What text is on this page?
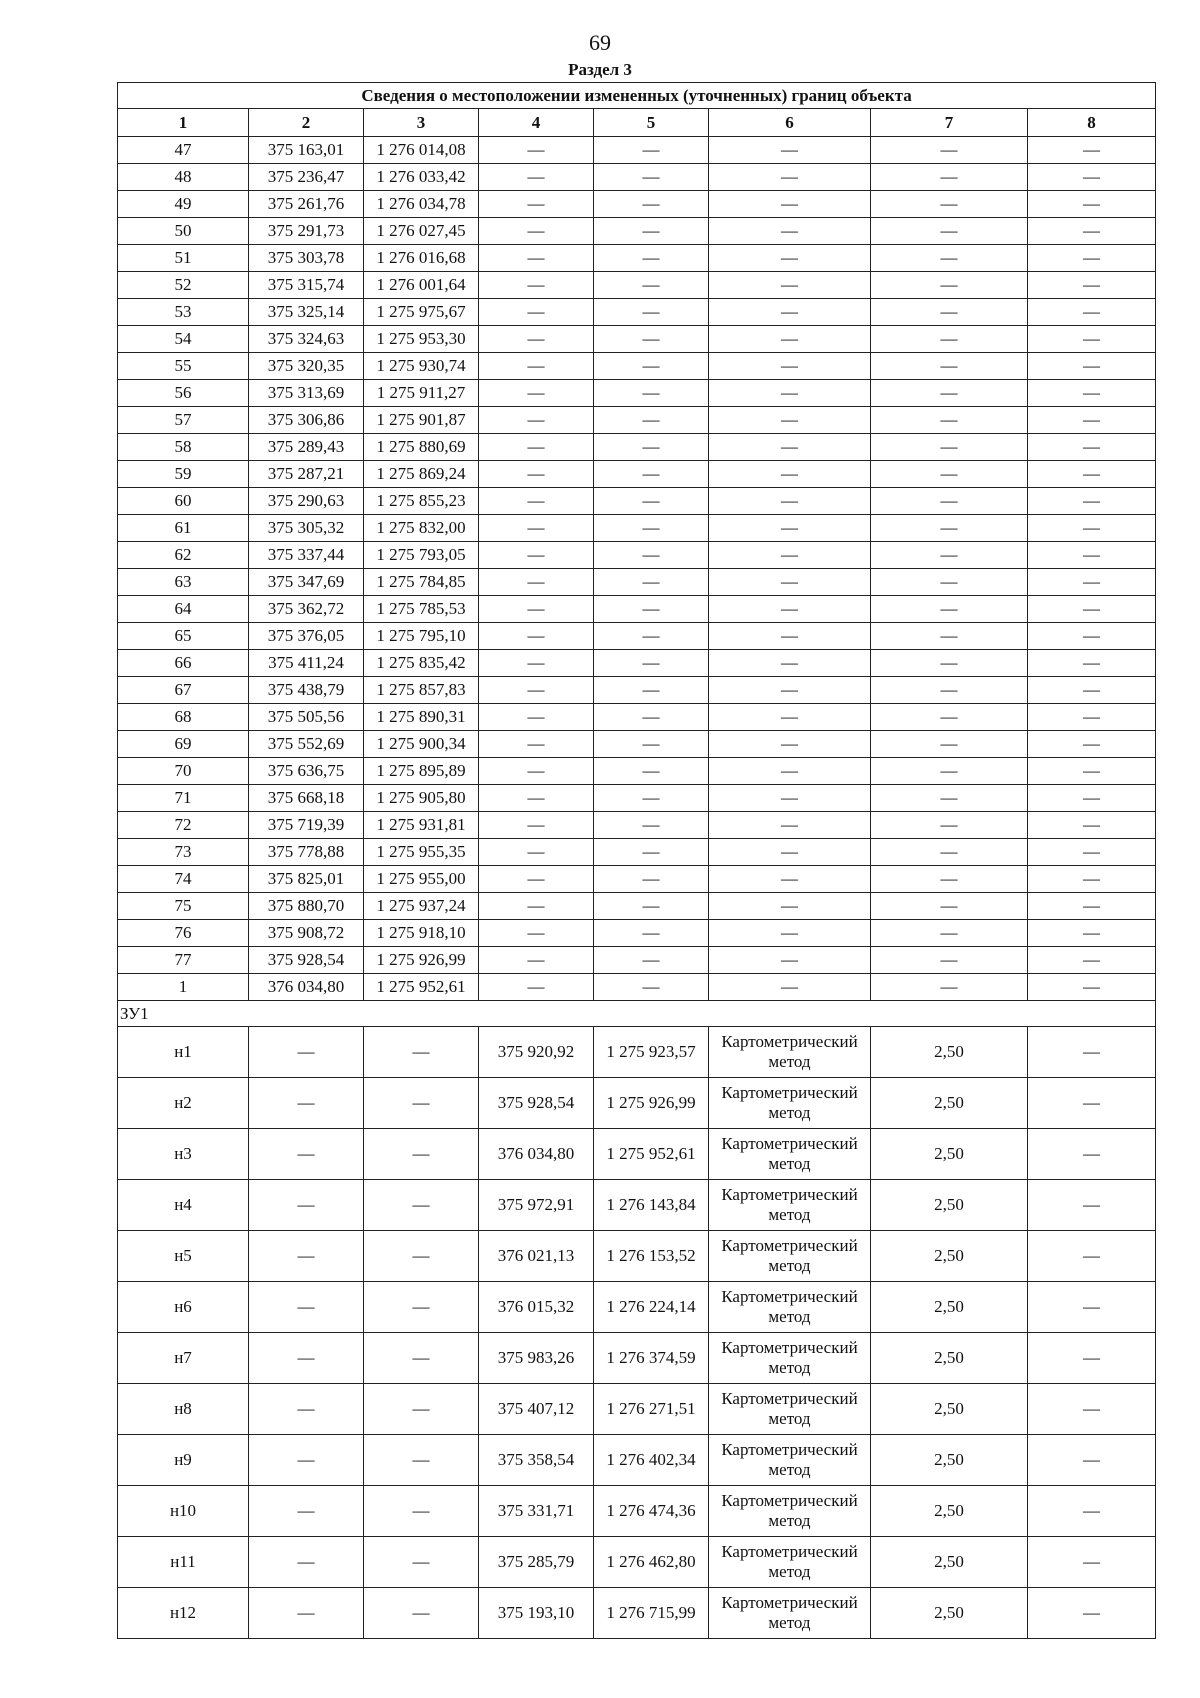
69
Раздел 3
Сведения о местоположении измененных (уточненных) границ объекта							
1	2	3	4	5	6	7	8
47	375 163,01	1 276 014,08	—	—	—	—	—
48	375 236,47	1 276 033,42	—	—	—	—	—
49	375 261,76	1 276 034,78	—	—	—	—	—
50	375 291,73	1 276 027,45	—	—	—	—	—
51	375 303,78	1 276 016,68	—	—	—	—	—
52	375 315,74	1 276 001,64	—	—	—	—	—
53	375 325,14	1 275 975,67	—	—	—	—	—
54	375 324,63	1 275 953,30	—	—	—	—	—
55	375 320,35	1 275 930,74	—	—	—	—	—
56	375 313,69	1 275 911,27	—	—	—	—	—
57	375 306,86	1 275 901,87	—	—	—	—	—
58	375 289,43	1 275 880,69	—	—	—	—	—
59	375 287,21	1 275 869,24	—	—	—	—	—
60	375 290,63	1 275 855,23	—	—	—	—	—
61	375 305,32	1 275 832,00	—	—	—	—	—
62	375 337,44	1 275 793,05	—	—	—	—	—
63	375 347,69	1 275 784,85	—	—	—	—	—
64	375 362,72	1 275 785,53	—	—	—	—	—
65	375 376,05	1 275 795,10	—	—	—	—	—
66	375 411,24	1 275 835,42	—	—	—	—	—
67	375 438,79	1 275 857,83	—	—	—	—	—
68	375 505,56	1 275 890,31	—	—	—	—	—
69	375 552,69	1 275 900,34	—	—	—	—	—
70	375 636,75	1 275 895,89	—	—	—	—	—
71	375 668,18	1 275 905,80	—	—	—	—	—
72	375 719,39	1 275 931,81	—	—	—	—	—
73	375 778,88	1 275 955,35	—	—	—	—	—
74	375 825,01	1 275 955,00	—	—	—	—	—
75	375 880,70	1 275 937,24	—	—	—	—	—
76	375 908,72	1 275 918,10	—	—	—	—	—
77	375 928,54	1 275 926,99	—	—	—	—	—
1	376 034,80	1 275 952,61	—	—	—	—	—
ЗУ1							
н1	—	—	375 920,92	1 275 923,57	Картометрический метод	2,50	—
н2	—	—	375 928,54	1 275 926,99	Картометрический метод	2,50	—
н3	—	—	376 034,80	1 275 952,61	Картометрический метод	2,50	—
н4	—	—	375 972,91	1 276 143,84	Картометрический метод	2,50	—
н5	—	—	376 021,13	1 276 153,52	Картометрический метод	2,50	—
н6	—	—	376 015,32	1 276 224,14	Картометрический метод	2,50	—
н7	—	—	375 983,26	1 276 374,59	Картометрический метод	2,50	—
н8	—	—	375 407,12	1 276 271,51	Картометрический метод	2,50	—
н9	—	—	375 358,54	1 276 402,34	Картометрический метод	2,50	—
н10	—	—	375 331,71	1 276 474,36	Картометрический метод	2,50	—
н11	—	—	375 285,79	1 276 462,80	Картометрический метод	2,50	—
н12	—	—	375 193,10	1 276 715,99	Картометрический метод	2,50	—
